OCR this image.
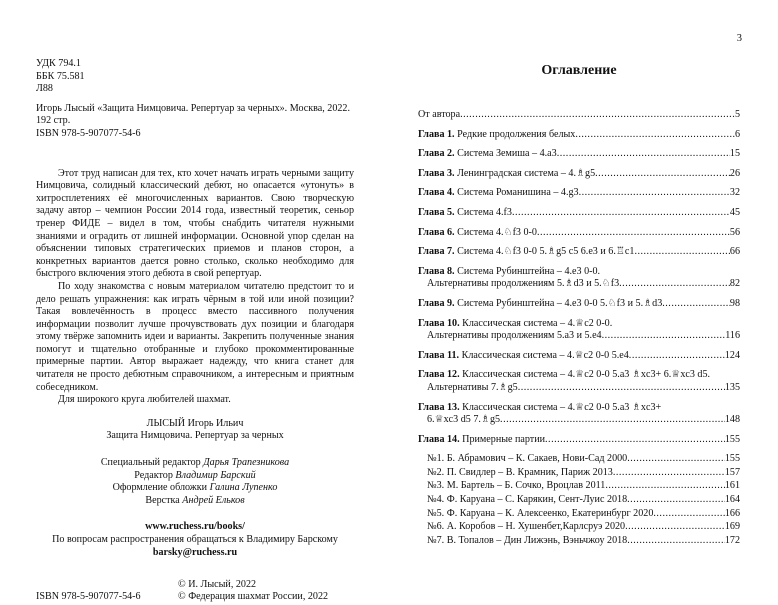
3
УДК 794.1
ББК 75.581
Л88
Игорь Лысый «Защита Нимцовича. Репертуар за черных». Москва, 2022.
192 стр.
ISBN 978-5-907077-54-6

Этот труд написан для тех, кто хочет начать играть черными защиту Нимцовича, солидный классический дебют, но опасается «утонуть» в хитросплетениях её многочисленных вариантов. Свою творческую задачу автор – чемпион России 2014 года, известный теоретик, сеньор тренер ФИДЕ – видел в том, чтобы снабдить читателя нужными знаниями и оградить от лишней информации. Основной упор сделан на объяснении типовых стратегических приемов и планов сторон, а конкретных вариантов дается ровно столько, сколько необходимо для быстрого включения этого дебюта в свой репертуар.

По ходу знакомства с новым материалом читателю предстоит то и дело решать упражнения: как играть чёрным в той или иной позиции? Такая вовлечённость в процесс вместо пассивного получения информации позволит лучше прочувствовать дух позиции и благодаря этому твёрже запомнить идеи и варианты. Закрепить полученные знания помогут и тщательно отобранные и глубоко прокомментированные примерные партии. Автор выражает надежду, что книга станет для читателя не просто дебютным справочником, а интересным и приятным собеседником.

Для широкого круга любителей шахмат.

ЛЫСЫЙ Игорь Ильич
Защита Нимцовича. Репертуар за черных
Специальный редактор Дарья Трапезникова
Редактор Владимир Барский
Оформление обложки Галина Лупенко
Верстка Андрей Ельков
www.ruchess.ru/books/
По вопросам распространения обращаться к Владимиру Барскому
barsky@ruchess.ru
ISBN 978-5-907077-54-6
© И. Лысый, 2022
© Федерация шахмат России, 2022
Оглавление
От автора .....	5
Глава 1. Редкие продолжения белых .....	6
Глава 2. Система Земиша – 4.a3 .....	15
Глава 3. Ленинградская система – 4.♗g5 .....	26
Глава 4. Система Романишина – 4.g3 .....	32
Глава 5. Система 4.f3 .....	45
Глава 6. Система 4.♘f3 0-0 .....	56
Глава 7. Система 4.♘f3 0-0 5.♗g5 c5 6.e3 и 6.♖c1 .....	66
Глава 8. Система Рубинштейна – 4.e3 0-0.
Альтернативы продолжениям 5.♗d3 и 5.♘f3 .....	82
Глава 9. Система Рубинштейна – 4.e3 0-0 5.♘f3 и 5.♗d3 .....	98
Глава 10. Классическая система – 4.♕c2 0-0.
Альтернативы продолжениям 5.a3 и 5.e4 .....	116
Глава 11. Классическая система – 4.♕c2 0-0 5.e4 .....	124
Глава 12. Классическая система – 4.♕c2 0-0 5.a3 ♗xc3+ 6.♕xc3 d5.
Альтернативы 7.♗g5 .....	135
Глава 13. Классическая система – 4.♕c2 0-0 5.a3 ♗xc3+
6.♕xc3 d5 7.♗g5 .....	148
Глава 14. Примерные партии .....	155
№1. Б. Абрамович – К. Сакаев, Нови-Сад 2000 .....	155
№2. П. Свидлер – В. Крамник, Париж 2013 .....	157
№3. М. Бартель – Б. Сочко, Вроцлав 2011 .....	161
№4. Ф. Каруана – С. Карякин, Сент-Луис 2018 .....	164
№5. Ф. Каруана – К. Алексеенко, Екатеринбург 2020 .....	166
№6. А. Коробов – Н. Хушенбет,Карлсруэ 2020 .....	169
№7. В. Топалов – Дин Лижэнь, Вэньчжоу 2018 .....	172
